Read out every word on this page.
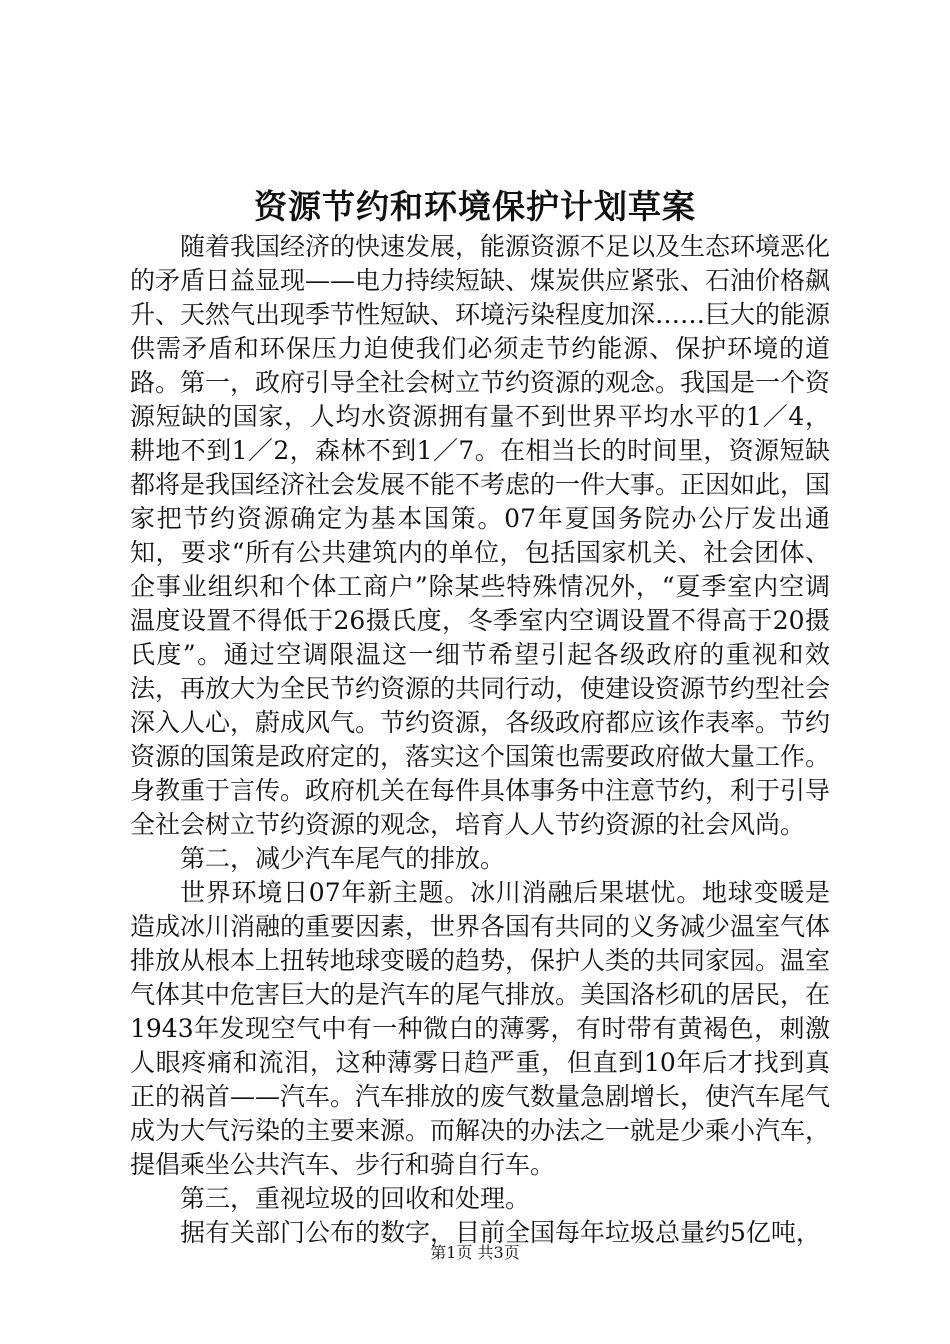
资源节约和环境保护计划草案

随着我国经济的快速发展，能源资源不足以及生态环境恶化的矛盾日益显现——电力持续短缺、煤炭供应紧张、石油价格飙升、天然气出现季节性短缺、环境污染程度加深……巨大的能源供需矛盾和环保压力迫使我们必须走节约能源、保护环境的道路。第一，政府引导全社会树立节约资源的观念。我国是一个资源短缺的国家，人均水资源拥有量不到世界平均水平的1／4，耕地不到1／2，森林不到1／7。在相当长的时间里，资源短缺都将是我国经济社会发展不能不考虑的一件大事。正因如此，国家把节约资源确定为基本国策。07年夏国务院办公厅发出通知，要求“所有公共建筑内的单位，包括国家机关、社会团体、企事业组织和个体工商户”除某些特殊情况外，“夏季室内空调温度设置不得低于26摄氏度，冬季室内空调设置不得高于20摄氏度”。通过空调限温这一细节希望引起各级政府的重视和效法，再放大为全民节约资源的共同行动，使建设资源节约型社会深入人心，蔚成风气。节约资源，各级政府都应该作表率。节约资源的国策是政府定的，落实这个国策也需要政府做大量工作。身教重于言传。政府机关在每件具体事务中注意节约，利于引导全社会树立节约资源的观念，培育人人节约资源的社会风尚。

第二，减少汽车尾气的排放。

世界环境日07年新主题。冰川消融后果堪忧。地球变暖是造成冰川消融的重要因素，世界各国有共同的义务减少温室气体排放从根本上扭转地球变暖的趋势，保护人类的共同家园。温室气体其中危害巨大的是汽车的尾气排放。美国洛杉矶的居民，在1943年发现空气中有一种微白的薄雾，有时带有黄褐色，刺激人眼疼痛和流泪，这种薄雾日趋严重，但直到10年后才找到真正的祸首——汽车。汽车排放的废气数量急剧增长，使汽车尾气成为大气污染的主要来源。而解决的办法之一就是少乘小汽车，提倡乘坐公共汽车、步行和骑自行车。

第三，重视垃圾的回收和处理。

据有关部门公布的数字，目前全国每年垃圾总量约5亿吨，

第1页 共3页
